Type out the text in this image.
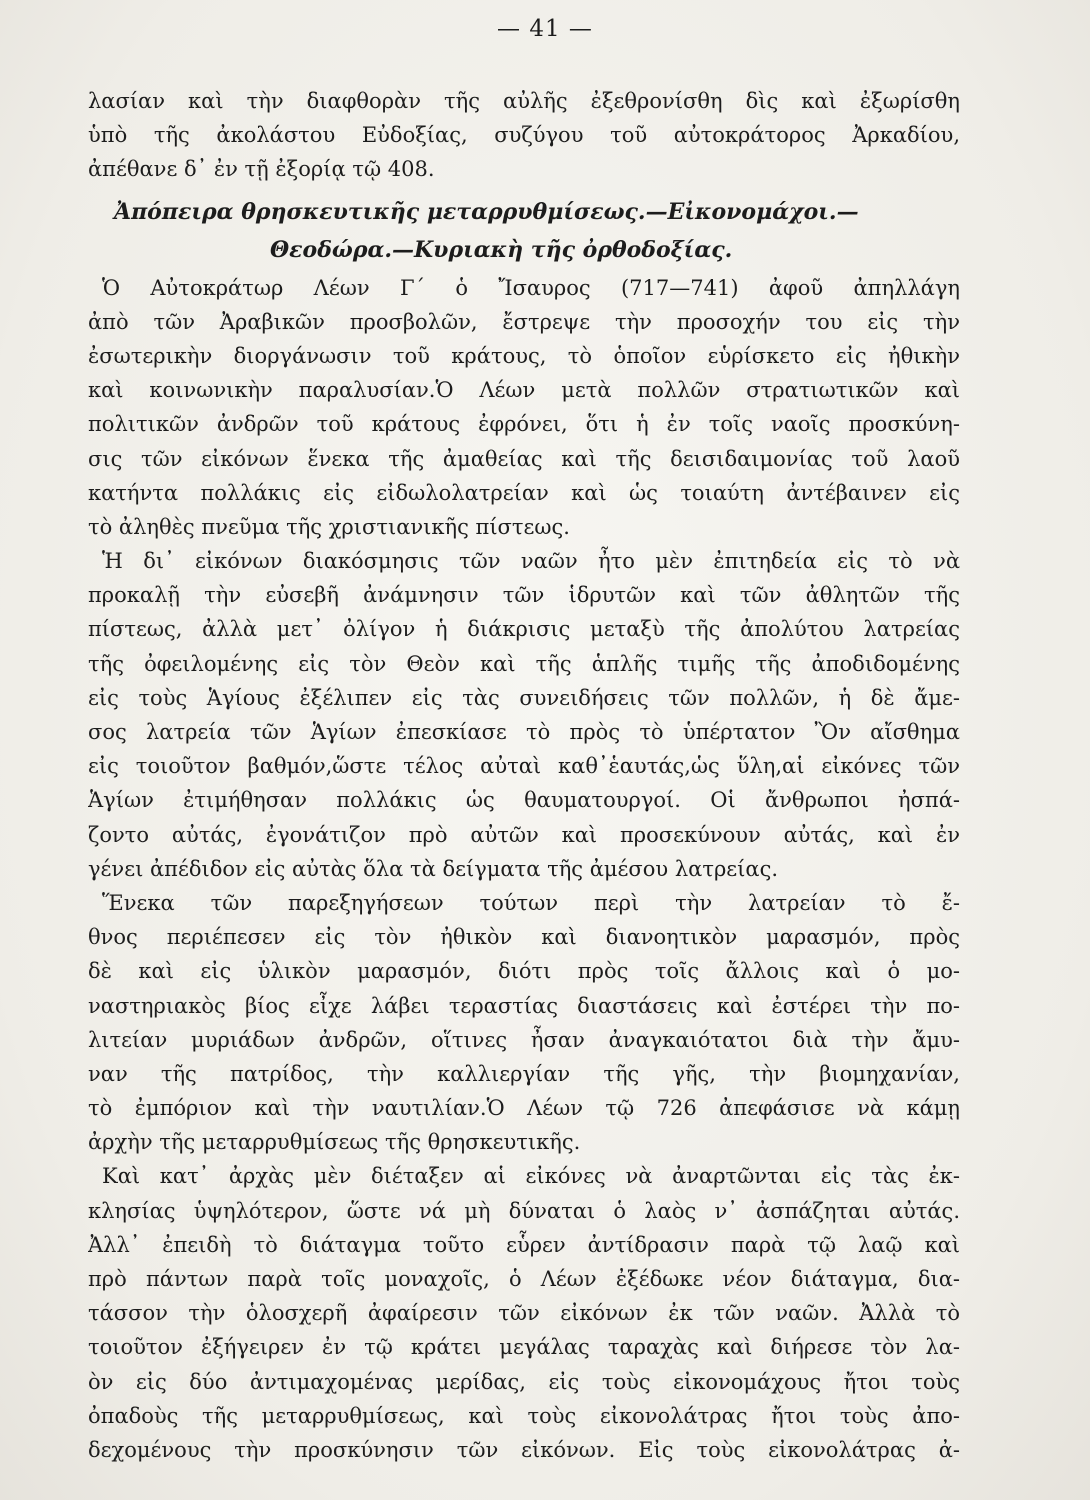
— 41 —
λασίαν καὶ τὴν διαφθορὰν τῆς αὐλῆς ἐξεθρονίσθη δὶς καὶ ἐξωρίσθη
ὑπὸ τῆς ἀκολάστου Εὐδοξίας, συζύγου τοῦ αὐτοκράτορος Ἀρκαδίου,
ἀπέθανε δ᾽ ἐν τῇ ἐξορίᾳ τῷ 408.
Ἀπόπειρα θρησκευτικῆς μεταρρυθμίσεως.—Εἰκονομάχοι.—
Θεοδώρα.—Κυριακὴ τῆς ὀρθοδοξίας.
Ὁ Αὐτοκράτωρ Λέων Γ΄ ὁ Ἴσαυρος (717—741) ἀφοῦ ἀπηλλάγη
ἀπὸ τῶν Ἀραβικῶν προσβολῶν, ἔστρεψε τὴν προσοχήν του εἰς τὴν
ἐσωτερικὴν διοργάνωσιν τοῦ κράτους, τὸ ὁποῖον εὑρίσκετο εἰς ἠθικὴν
καὶ κοινωνικὴν παραλυσίαν.Ὁ Λέων μετὰ πολλῶν στρατιωτικῶν καὶ
πολιτικῶν ἀνδρῶν τοῦ κράτους ἐφρόνει, ὅτι ἡ ἐν τοῖς ναοῖς προσκύνη-
σις τῶν εἰκόνων ἕνεκα τῆς ἀμαθείας καὶ τῆς δεισιδαιμονίας τοῦ λαοῦ
κατήντα πολλάκις εἰς εἰδωλολατρείαν καὶ ὡς τοιαύτη ἀντέβαινεν εἰς
τὸ ἀληθὲς πνεῦμα τῆς χριστιανικῆς πίστεως.
Ἡ δι᾽ εἰκόνων διακόσμησις τῶν ναῶν ἦτο μὲν ἐπιτηδεία εἰς τὸ νὰ
προκαλῇ τὴν εὐσεβῆ ἀνάμνησιν τῶν ἱδρυτῶν καὶ τῶν ἀθλητῶν τῆς
πίστεως, ἀλλὰ μετ᾽ ὀλίγον ἡ διάκρισις μεταξὺ τῆς ἀπολύτου λατρείας
τῆς ὀφειλομένης εἰς τὸν Θεὸν καὶ τῆς ἁπλῆς τιμῆς τῆς ἀποδιδομένης
εἰς τοὺς Ἁγίους ἐξέλιπεν εἰς τὰς συνειδήσεις τῶν πολλῶν, ἡ δὲ ἄμε-
σος λατρεία τῶν Ἁγίων ἐπεσκίασε τὸ πρὸς τὸ ὑπέρτατον Ὂν αἴσθημα
εἰς τοιοῦτον βαθμόν,ὥστε τέλος αὐταὶ καθ᾽ἑαυτάς,ὡς ὕλη,αἱ εἰκόνες τῶν
Ἁγίων ἐτιμήθησαν πολλάκις ὡς θαυματουργοί. Οἱ ἄνθρωποι ἠσπά-
ζοντο αὐτάς, ἐγονάτιζον πρὸ αὐτῶν καὶ προσεκύνουν αὐτάς, καὶ ἐν
γένει ἀπέδιδον εἰς αὐτὰς ὅλα τὰ δείγματα τῆς ἀμέσου λατρείας.
Ἕνεκα τῶν παρεξηγήσεων τούτων περὶ τὴν λατρείαν τὸ ἔ-
θνος περιέπεσεν εἰς τὸν ἠθικὸν καὶ διανοητικὸν μαρασμόν, πρὸς
δὲ καὶ εἰς ὑλικὸν μαρασμόν, διότι πρὸς τοῖς ἄλλοις καὶ ὁ μο-
ναστηριακὸς βίος εἶχε λάβει τεραστίας διαστάσεις καὶ ἐστέρει τὴν πο-
λιτείαν μυριάδων ἀνδρῶν, οἵτινες ἦσαν ἀναγκαιότατοι διὰ τὴν ἄμυ-
ναν τῆς πατρίδος, τὴν καλλιεργίαν τῆς γῆς, τὴν βιομηχανίαν,
τὸ ἐμπόριον καὶ τὴν ναυτιλίαν.Ὁ Λέων τῷ 726 ἀπεφάσισε νὰ κάμῃ
ἀρχὴν τῆς μεταρρυθμίσεως τῆς θρησκευτικῆς.
Καὶ κατ᾽ ἀρχὰς μὲν διέταξεν αἱ εἰκόνες νὰ ἀναρτῶνται εἰς τὰς ἐκ-
κλησίας ὑψηλότερον, ὥστε νά μὴ δύναται ὁ λαὸς ν᾽ ἀσπάζηται αὐτάς.
Ἀλλ᾽ ἐπειδὴ τὸ διάταγμα τοῦτο εὗρεν ἀντίδρασιν παρὰ τῷ λαῷ καὶ
πρὸ πάντων παρὰ τοῖς μοναχοῖς, ὁ Λέων ἐξέδωκε νέον διάταγμα, δια-
τάσσον τὴν ὁλοσχερῆ ἀφαίρεσιν τῶν εἰκόνων ἐκ τῶν ναῶν. Ἀλλὰ τὸ
τοιοῦτον ἐξήγειρεν ἐν τῷ κράτει μεγάλας ταραχὰς καὶ διήρεσε τὸν λα-
ὸν εἰς δύο ἀντιμαχομένας μερίδας, εἰς τοὺς εἰκονομάχους ἤτοι τοὺς
ὀπαδοὺς τῆς μεταρρυθμίσεως, καὶ τοὺς εἰκονολάτρας ἤτοι τοὺς ἀπο-
δεχομένους τὴν προσκύνησιν τῶν εἰκόνων. Εἰς τοὺς εἰκονολάτρας ἀ-
